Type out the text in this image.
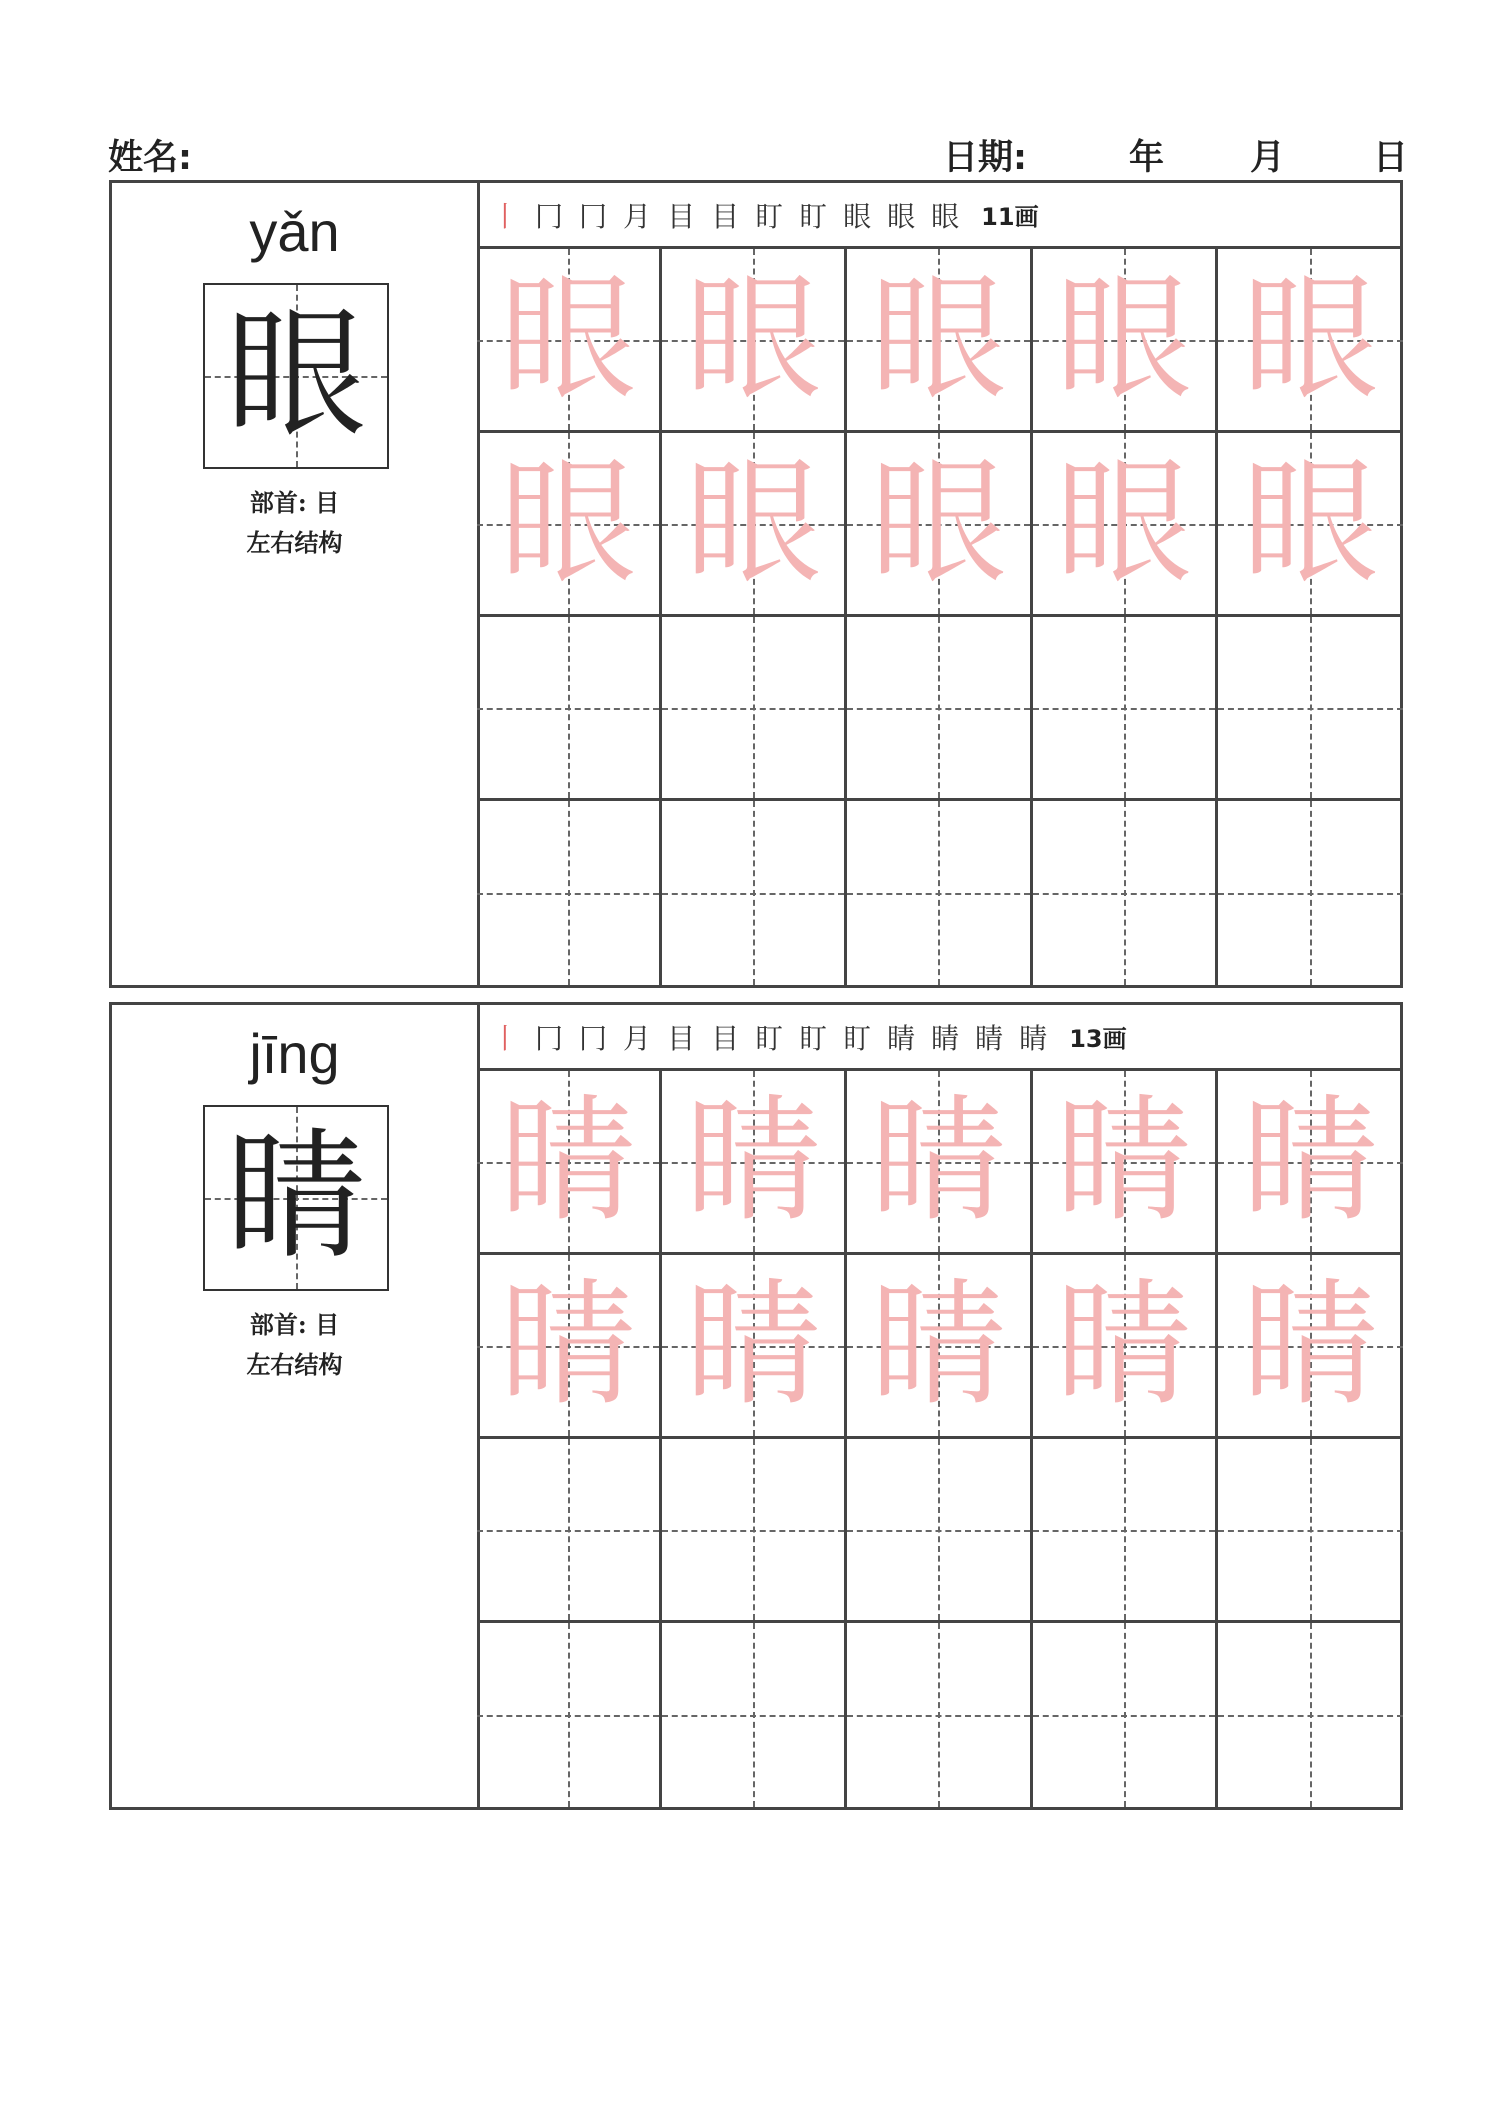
姓名:	日期:	年 月	日
yǎn
眼
部首: 目
左右结构
丨 冂 冂 月 目 目 盯 盯 眼 眼 眼 11画
眼 眼 眼 眼 眼
眼 眼 眼 眼 眼
jīng
睛
部首: 目
左右结构
丨 冂 冂 月 目 目 盯 盯 盯 睛 睛 睛 睛 13画
睛 睛 睛 睛 睛
睛 睛 睛 睛 睛
